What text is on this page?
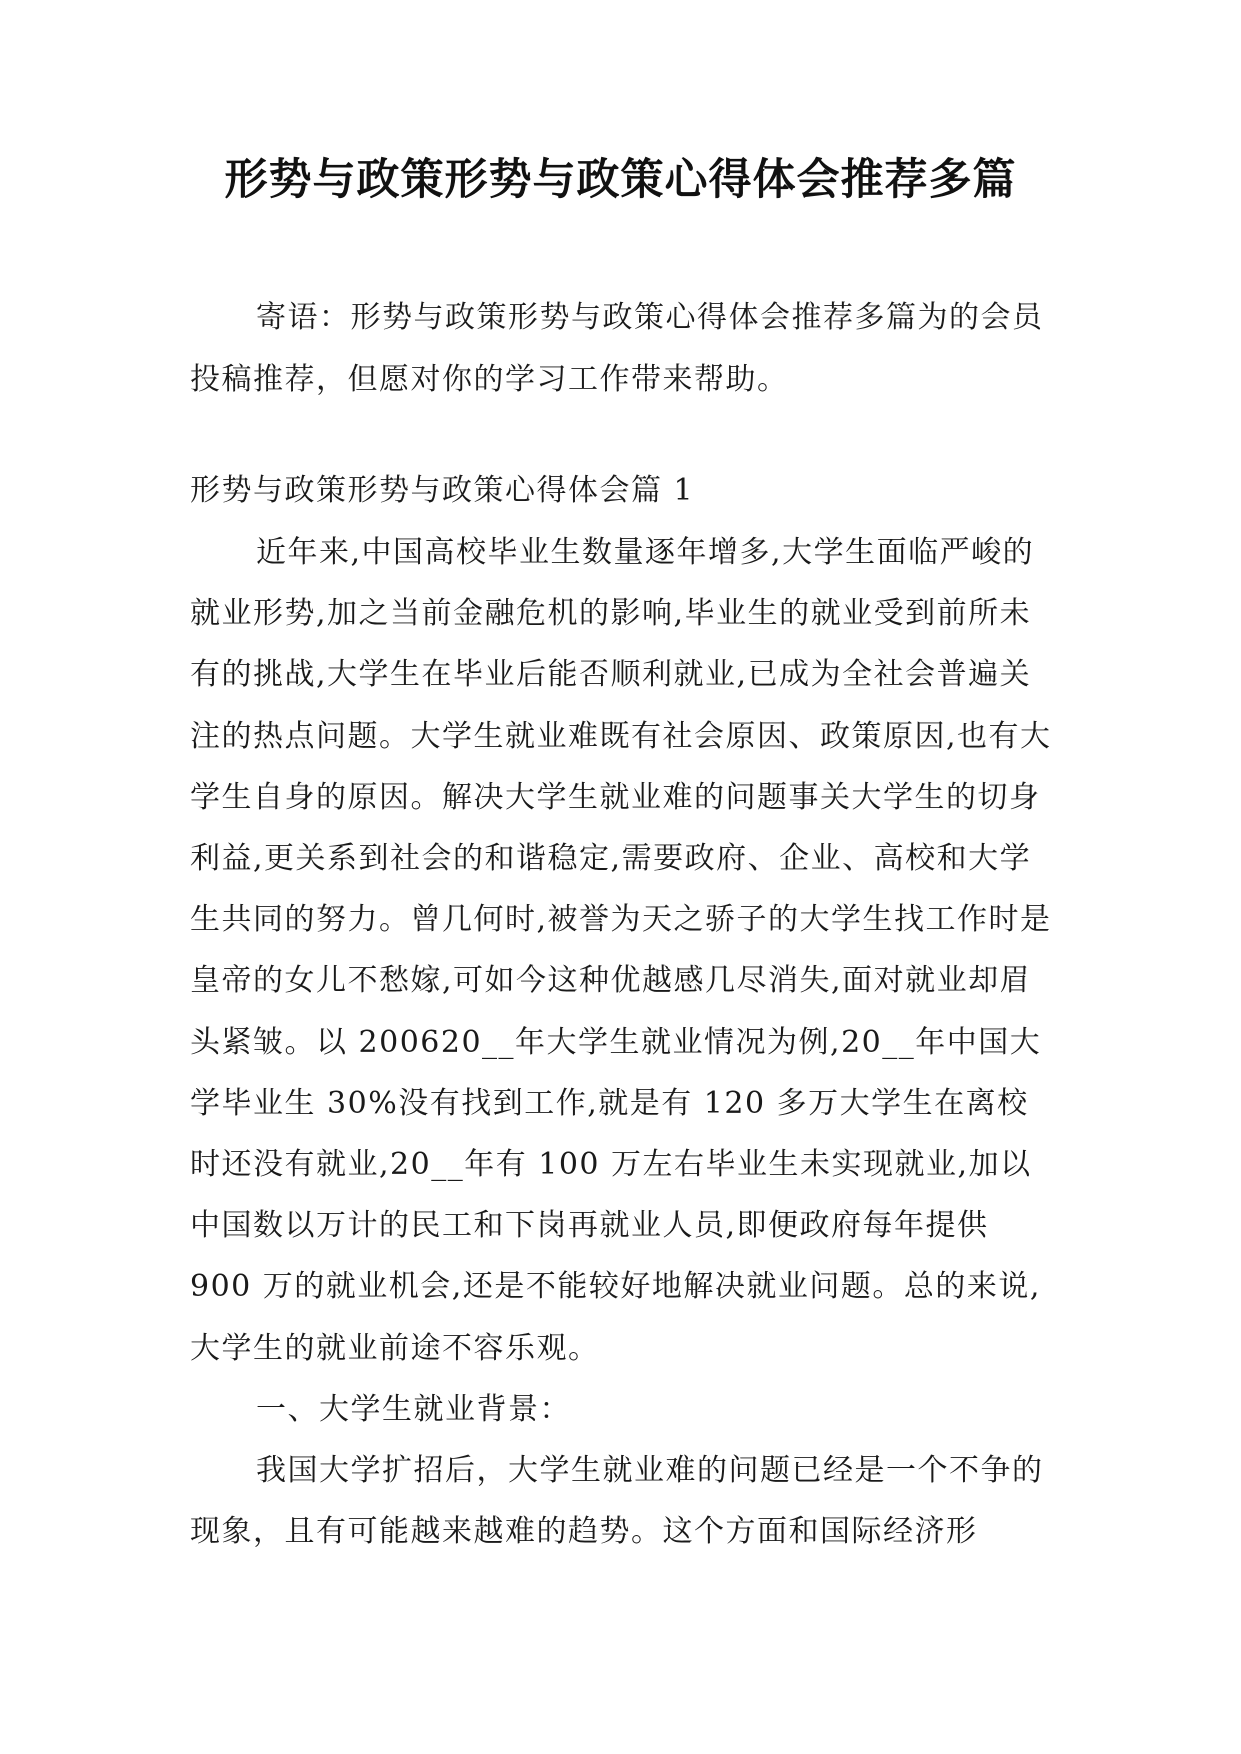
形势与政策形势与政策心得体会推荐多篇
寄语：形势与政策形势与政策心得体会推荐多篇为的会员投稿推荐，但愿对你的学习工作带来帮助。
形势与政策形势与政策心得体会篇 1

近年来,中国高校毕业生数量逐年增多,大学生面临严峻的就业形势,加之当前金融危机的影响,毕业生的就业受到前所未有的挑战,大学生在毕业后能否顺利就业,已成为全社会普遍关注的热点问题。大学生就业难既有社会原因、政策原因,也有大学生自身的原因。解决大学生就业难的问题事关大学生的切身利益,更关系到社会的和谐稳定,需要政府、企业、高校和大学生共同的努力。曾几何时,被誉为天之骄子的大学生找工作时是皇帝的女儿不愁嫁,可如今这种优越感几尽消失,面对就业却眉头紧皱。以 200620__年大学生就业情况为例,20__年中国大学毕业生 30%没有找到工作,就是有 120 多万大学生在离校时还没有就业,20__年有 100 万左右毕业生未实现就业,加以中国数以万计的民工和下岗再就业人员,即便政府每年提供 900 万的就业机会,还是不能较好地解决就业问题。总的来说,大学生的就业前途不容乐观。

一、大学生就业背景：

我国大学扩招后，大学生就业难的问题已经是一个不争的现象，且有可能越来越难的趋势。这个方面和国际经济形
